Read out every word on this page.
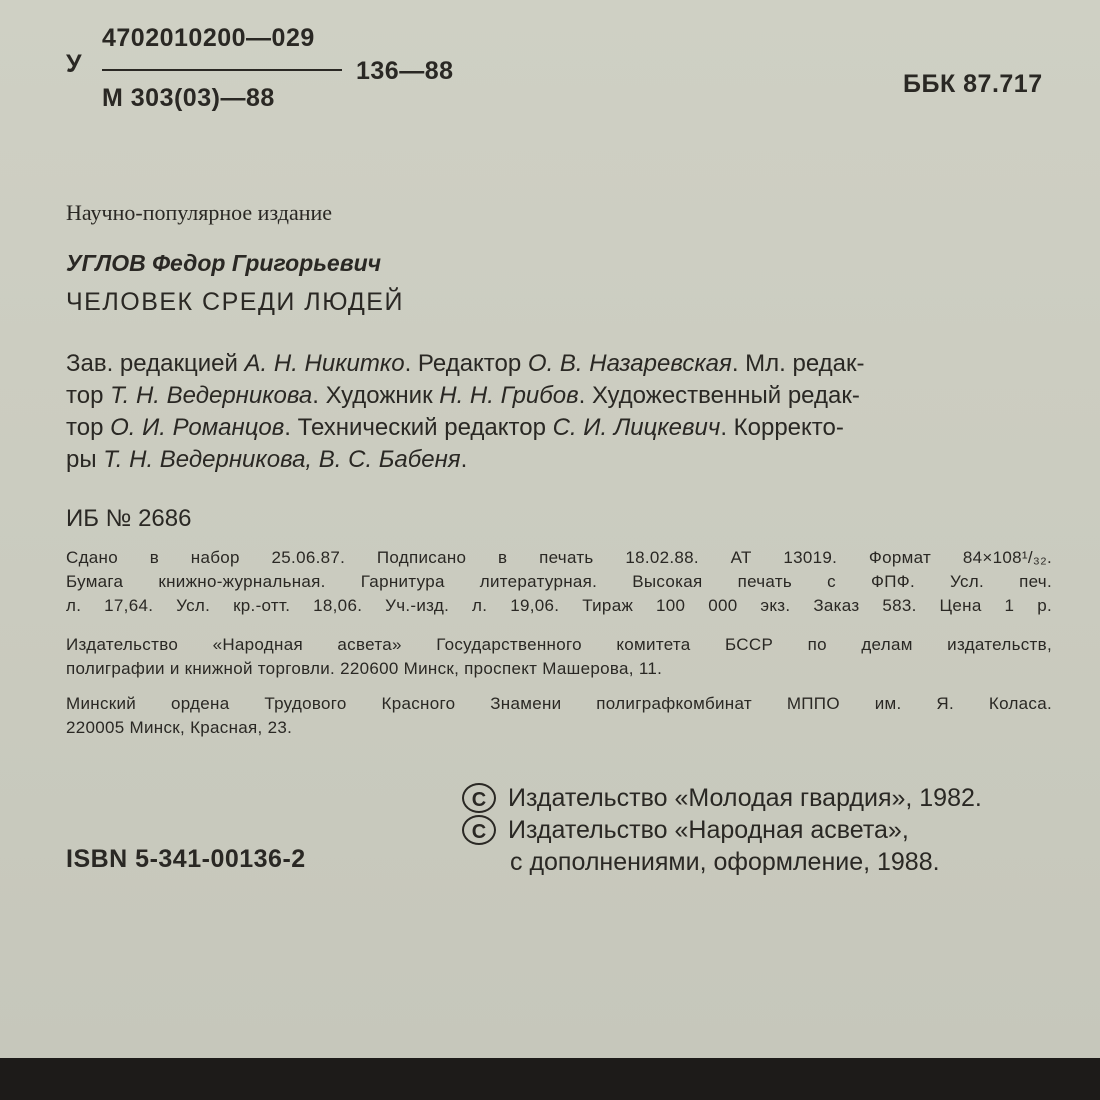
У
4702010200—029
М 303(03)—88
136—88	ББК 87.717
Научно-популярное издание
УГЛОВ Федор Григорьевич
ЧЕЛОВЕК СРЕДИ ЛЮДЕЙ
Зав. редакцией А. Н. Никитко. Редактор О. В. Назаревская. Мл. редак-
тор Т. Н. Ведерникова. Художник Н. Н. Грибов. Художественный редак-
тор О. И. Романцов. Технический редактор С. И. Лицкевич. Корректо-
ры Т. Н. Ведерникова, В. С. Бабеня.
ИБ № 2686
Сдано в набор 25.06.87. Подписано в печать 18.02.88. АТ 13019. Формат 84×108¹/₃₂.
Бумага книжно-журнальная. Гарнитура литературная. Высокая печать с ФПФ. Усл. печ.
л. 17,64. Усл. кр.-отт. 18,06. Уч.-изд. л. 19,06. Тираж 100 000 экз. Заказ 583. Цена 1 р.
Издательство «Народная асвета» Государственного комитета БССР по делам издательств,
полиграфии и книжной торговли. 220600 Минск, проспект Машерова, 11.
Минский ордена Трудового Красного Знамени полиграфкомбинат МППО им. Я. Коласа.
220005 Минск, Красная, 23.
C Издательство «Молодая гвардия», 1982.
C Издательство «Народная асвета»,
с дополнениями, оформление, 1988.
ISBN 5-341-00136-2
